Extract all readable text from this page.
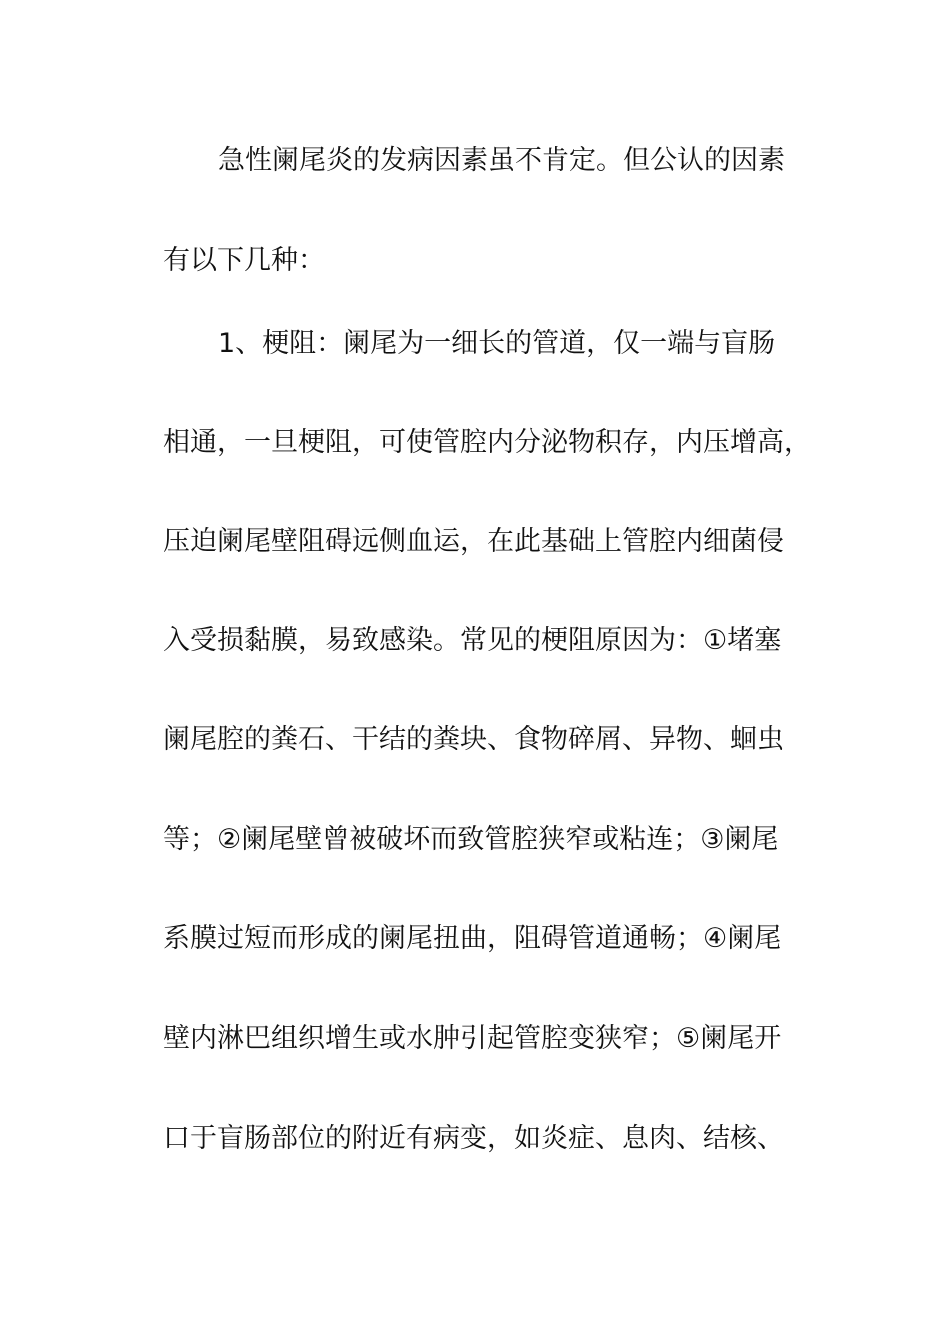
急性阑尾炎的发病因素虽不肯定。但公认的因素
有以下几种：
1、梗阻：阑尾为一细长的管道，仅一端与盲肠
相通，一旦梗阻，可使管腔内分泌物积存，内压增高，
压迫阑尾壁阻碍远侧血运，在此基础上管腔内细菌侵
入受损黏膜，易致感染。常见的梗阻原因为：①堵塞
阑尾腔的粪石、干结的粪块、食物碎屑、异物、蛔虫
等；②阑尾壁曾被破坏而致管腔狭窄或粘连；③阑尾
系膜过短而形成的阑尾扭曲，阻碍管道通畅；④阑尾
壁内淋巴组织增生或水肿引起管腔变狭窄；⑤阑尾开
口于盲肠部位的附近有病变，如炎症、息肉、结核、
